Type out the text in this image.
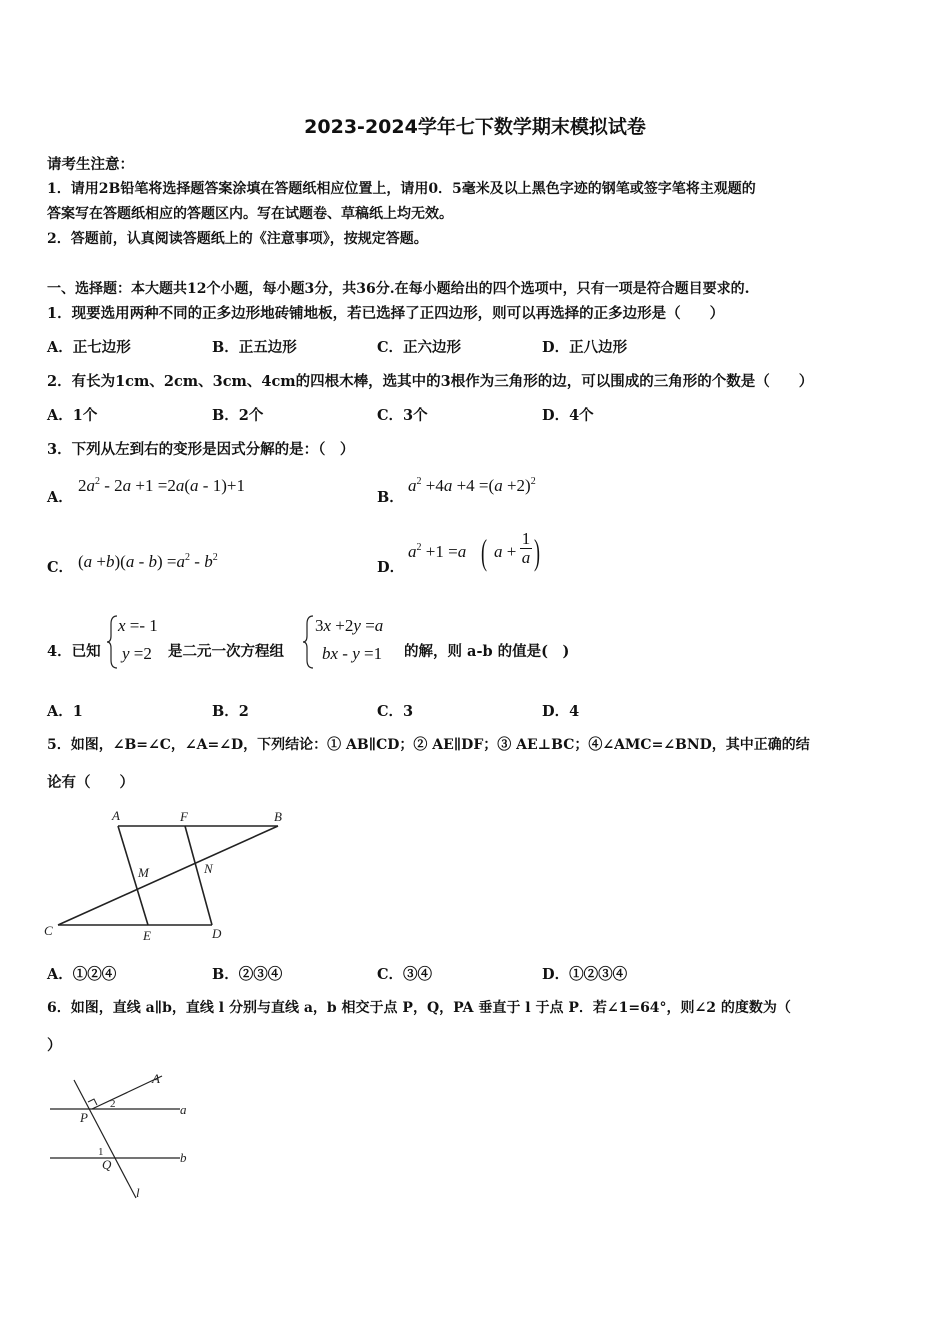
2023-2024学年七下数学期末模拟试卷
请考生注意：
1．请用2B铅笔将选择题答案涂填在答题纸相应位置上，请用0．5毫米及以上黑色字迹的钢笔或签字笔将主观题的
答案写在答题纸相应的答题区内。写在试题卷、草稿纸上均无效。
2．答题前，认真阅读答题纸上的《注意事项》，按规定答题。
一、选择题：本大题共12个小题，每小题3分，共36分.在每小题给出的四个选项中，只有一项是符合题目要求的.
1．现要选用两种不同的正多边形地砖铺地板，若已选择了正四边形，则可以再选择的正多边形是（　　）
A．正七边形	B．正五边形	C．正六边形	D．正八边形
2．有长为1cm、2cm、3cm、4cm的四根木棒，选其中的3根作为三角形的边，可以围成的三角形的个数是（　　）
A．1个	B．2个	C．3个	D．4个
3．下列从左到右的变形是因式分解的是：（　）
A．
$2a^2 - 2a +1 =2a(a - 1)+1$
B．
$a^2 +4a +4 =(a +2)^2$
C． $(a +b)(a - b) =a^2 - b^2$
D．
$a^2 +1 =a$ ( a +
1

a )
4．已知
x =- 1
y =2 是二元一次方程组
3x +2y =a
bx - y =1 的解，则 a-b 的值是(　)
A．1	B．2	C．3	D．4
5．如图，∠B=∠C，∠A=∠D，下列结论：① AB∥CD；② AE∥DF；③ AE⊥BC；④∠AMC=∠BND，其中正确的结
论有（　　）
A	F	B
M	N
C	E	D
A．①②④	B．②③④	C．③④	D．①②③④
6．如图，直线 a∥b，直线 l 分别与直线 a，b 相交于点 P，Q，PA 垂直于 l 于点 P．若∠1=64°，则∠2 的度数为（
）
A
2	a
P
1	b
Q
l
